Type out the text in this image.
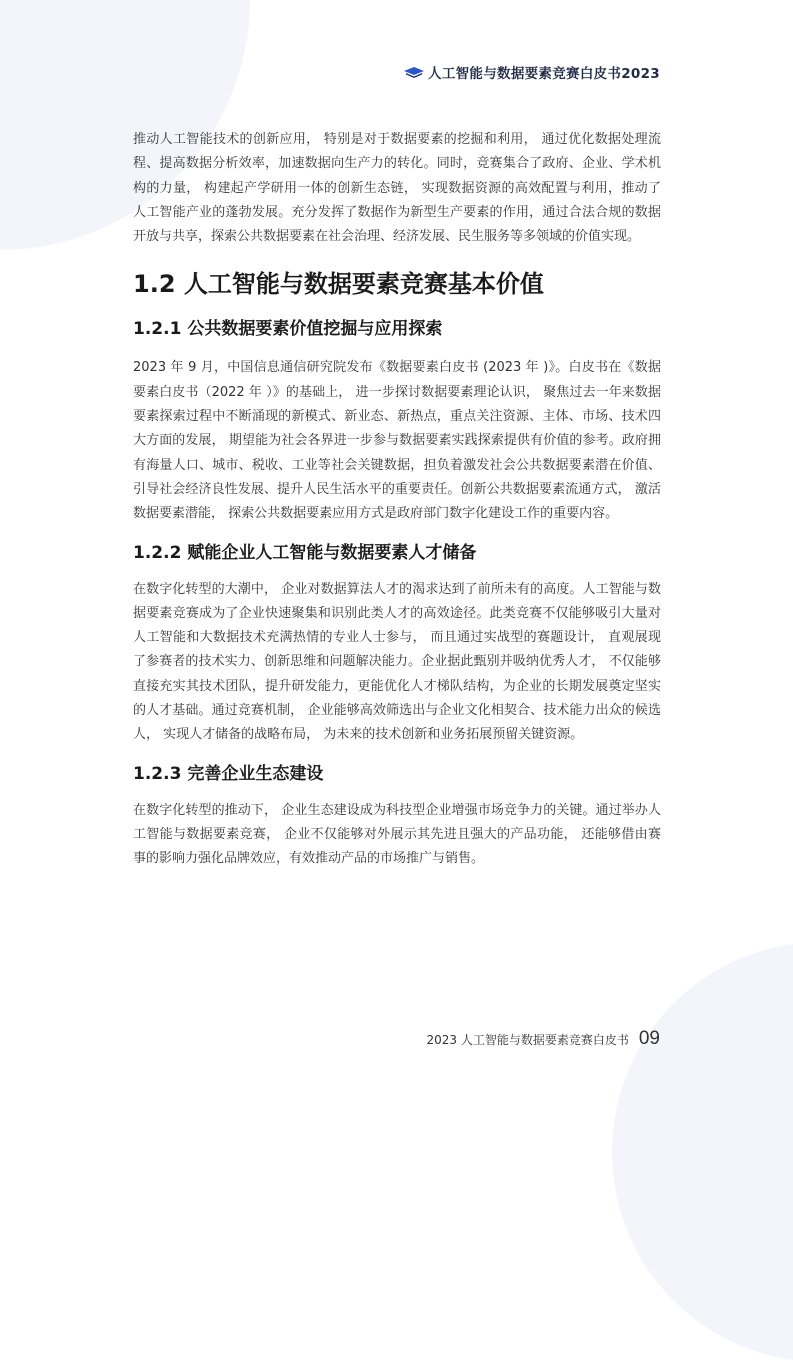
人工智能与数据要素竞赛白皮书2023

推动人工智能技术的创新应用， 特别是对于数据要素的挖掘和利用， 通过优化数据处理流程、提高数据分析效率，加速数据向生产力的转化。同时，竞赛集合了政府、企业、学术机构的力量， 构建起产学研用一体的创新生态链， 实现数据资源的高效配置与利用，推动了人工智能产业的蓬勃发展。充分发挥了数据作为新型生产要素的作用，通过合法合规的数据开放与共享，探索公共数据要素在社会治理、经济发展、民生服务等多领域的价值实现。

1.2 人工智能与数据要素竞赛基本价值
1.2.1 公共数据要素价值挖掘与应用探索

2023 年 9 月，中国信息通信研究院发布《数据要素白皮书 (2023 年 )》。白皮书在《数据要素白皮书（2022 年 ）》的基础上， 进一步探讨数据要素理论认识， 聚焦过去一年来数据要素探索过程中不断涌现的新模式、新业态、新热点，重点关注资源、主体、市场、技术四大方面的发展， 期望能为社会各界进一步参与数据要素实践探索提供有价值的参考。政府拥有海量人口、城市、税收、工业等社会关键数据，担负着激发社会公共数据要素潜在价值、引导社会经济良性发展、提升人民生活水平的重要责任。创新公共数据要素流通方式， 激活数据要素潜能， 探索公共数据要素应用方式是政府部门数字化建设工作的重要内容。

1.2.2 赋能企业人工智能与数据要素人才储备

在数字化转型的大潮中， 企业对数据算法人才的渴求达到了前所未有的高度。人工智能与数据要素竞赛成为了企业快速聚集和识别此类人才的高效途径。此类竞赛不仅能够吸引大量对人工智能和大数据技术充满热情的专业人士参与， 而且通过实战型的赛题设计， 直观展现了参赛者的技术实力、创新思维和问题解决能力。企业据此甄别并吸纳优秀人才， 不仅能够直接充实其技术团队，提升研发能力，更能优化人才梯队结构，为企业的长期发展奠定坚实的人才基础。通过竞赛机制， 企业能够高效筛选出与企业文化相契合、技术能力出众的候选人， 实现人才储备的战略布局， 为未来的技术创新和业务拓展预留关键资源。

1.2.3 完善企业生态建设

在数字化转型的推动下， 企业生态建设成为科技型企业增强市场竞争力的关键。通过举办人工智能与数据要素竞赛， 企业不仅能够对外展示其先进且强大的产品功能， 还能够借由赛事的影响力强化品牌效应，有效推动产品的市场推广与销售。

2023 人工智能与数据要素竞赛白皮书 09
